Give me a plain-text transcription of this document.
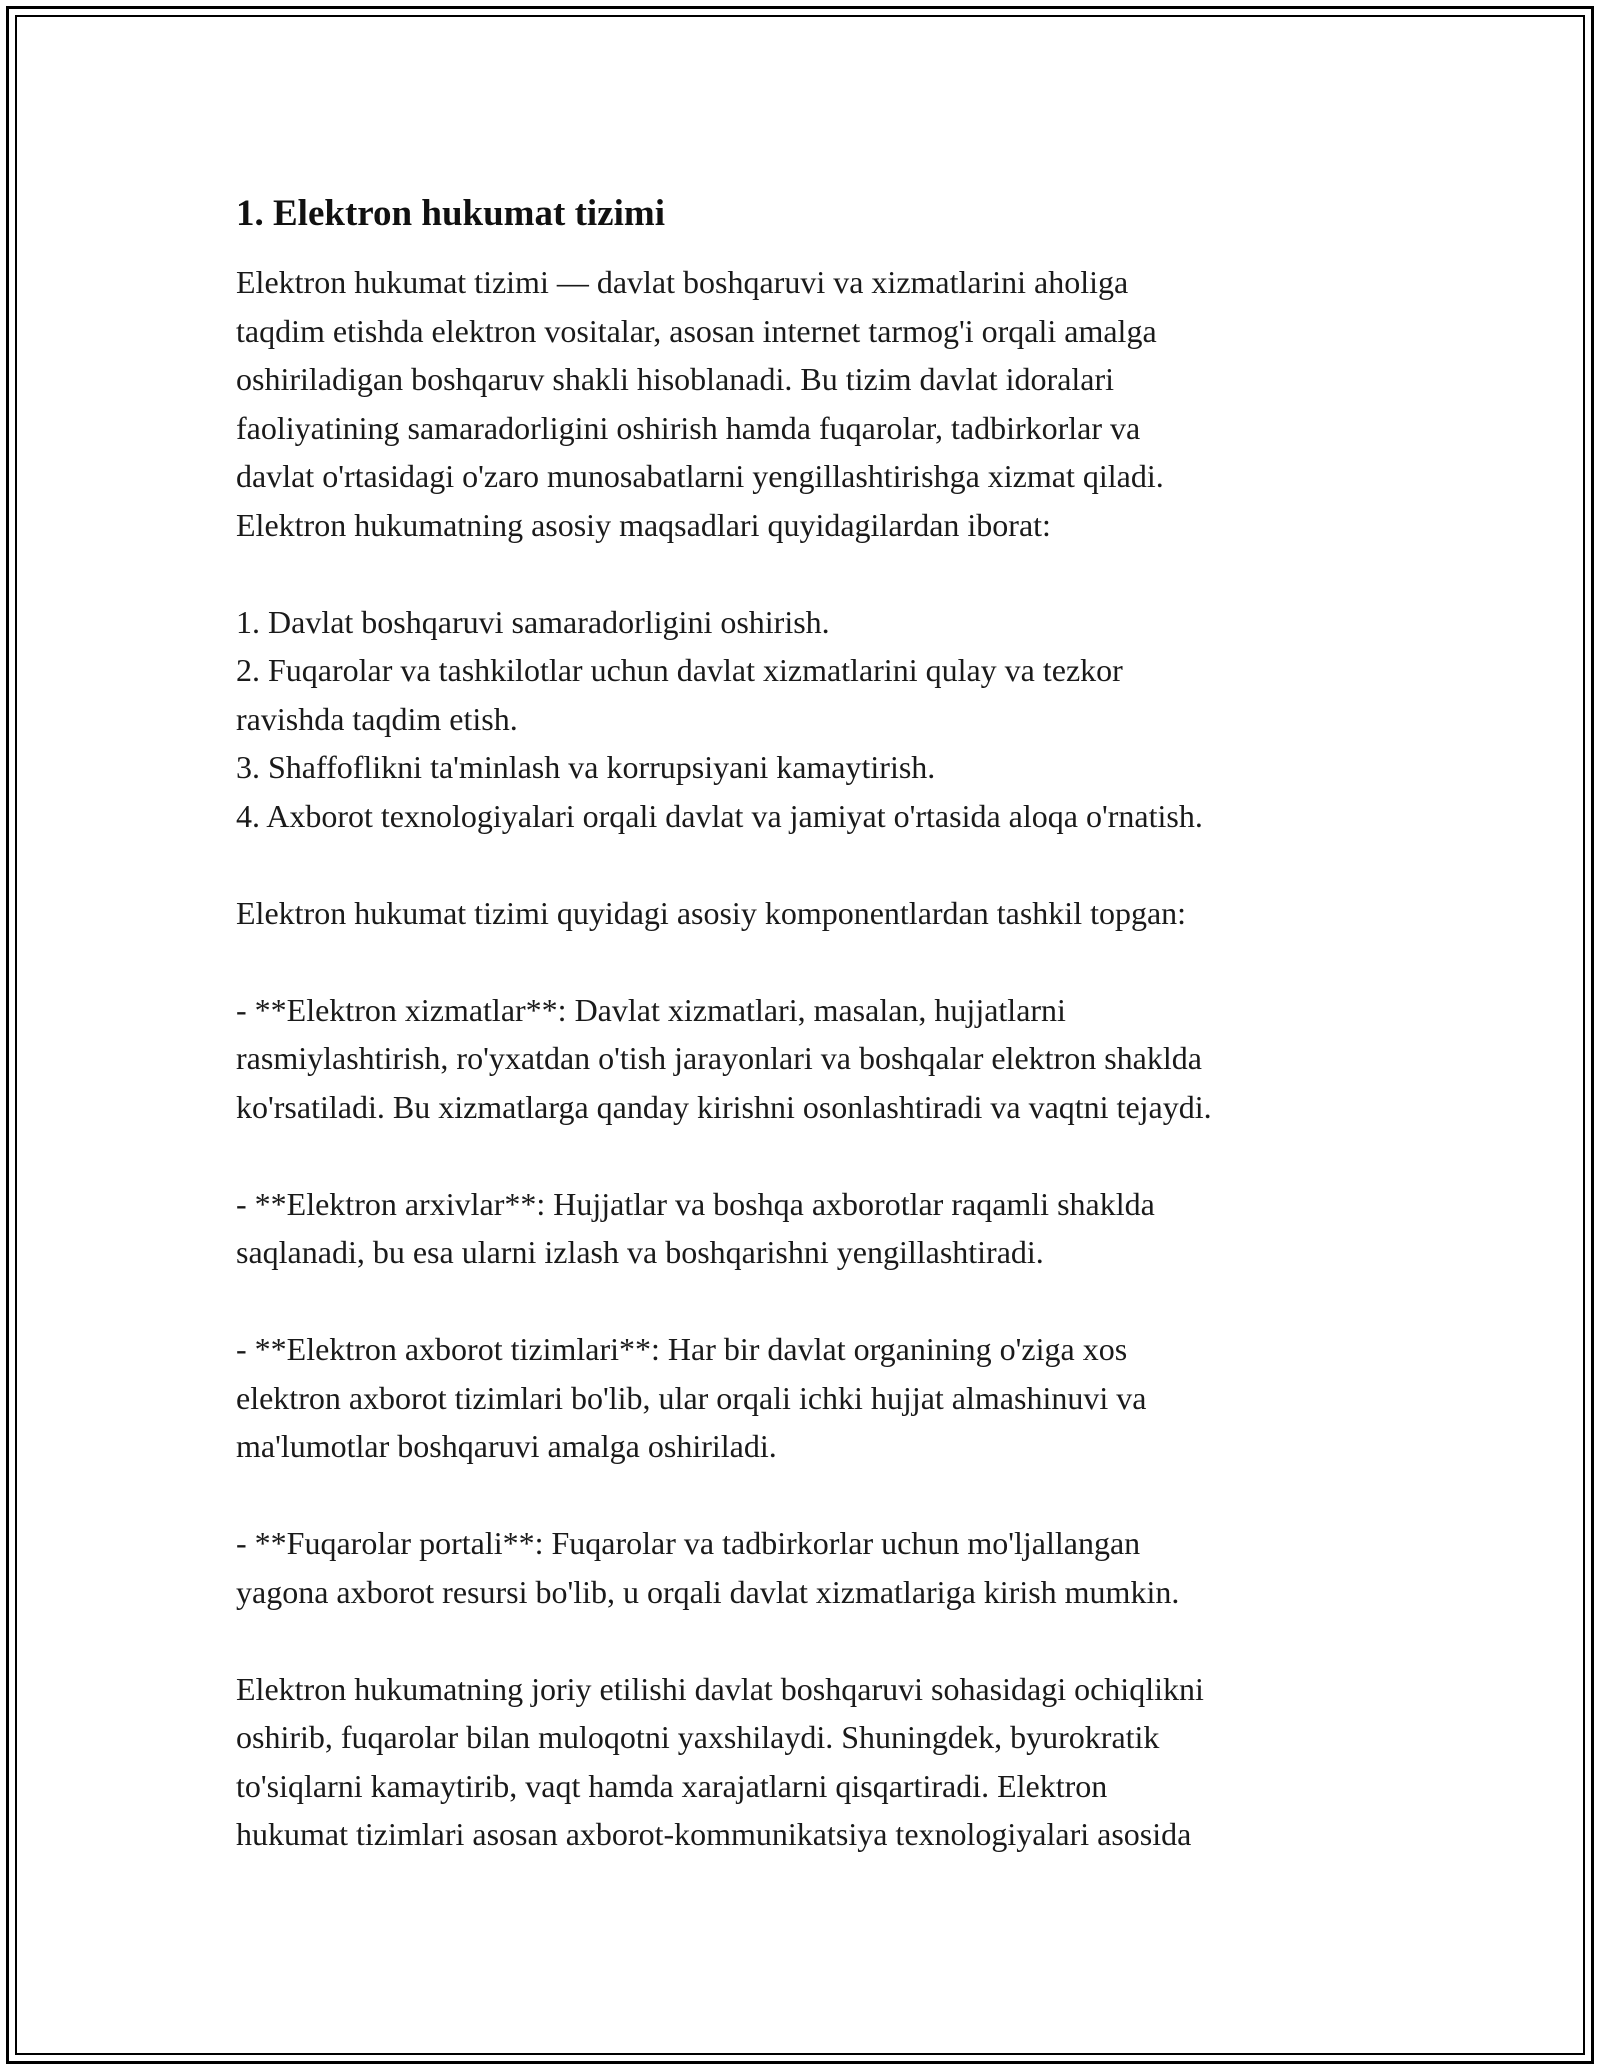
1. Elektron hukumat tizimi

Elektron hukumat tizimi — davlat boshqaruvi va xizmatlarini aholiga
taqdim etishda elektron vositalar, asosan internet tarmog'i orqali amalga
oshiriladigan boshqaruv shakli hisoblanadi. Bu tizim davlat idoralari
faoliyatining samaradorligini oshirish hamda fuqarolar, tadbirkorlar va
davlat o'rtasidagi o'zaro munosabatlarni yengillashtirishga xizmat qiladi.
Elektron hukumatning asosiy maqsadlari quyidagilardan iborat:

1. Davlat boshqaruvi samaradorligini oshirish.
2. Fuqarolar va tashkilotlar uchun davlat xizmatlarini qulay va tezkor
ravishda taqdim etish.
3. Shaffoflikni ta'minlash va korrupsiyani kamaytirish.
4. Axborot texnologiyalari orqali davlat va jamiyat o'rtasida aloqa o'rnatish.

Elektron hukumat tizimi quyidagi asosiy komponentlardan tashkil topgan:

- **Elektron xizmatlar**: Davlat xizmatlari, masalan, hujjatlarni
rasmiylashtirish, ro'yxatdan o'tish jarayonlari va boshqalar elektron shaklda
ko'rsatiladi. Bu xizmatlarga qanday kirishni osonlashtiradi va vaqtni tejaydi.

- **Elektron arxivlar**: Hujjatlar va boshqa axborotlar raqamli shaklda
saqlanadi, bu esa ularni izlash va boshqarishni yengillashtiradi.

- **Elektron axborot tizimlari**: Har bir davlat organining o'ziga xos
elektron axborot tizimlari bo'lib, ular orqali ichki hujjat almashinuvi va
ma'lumotlar boshqaruvi amalga oshiriladi.

- **Fuqarolar portali**: Fuqarolar va tadbirkorlar uchun mo'ljallangan
yagona axborot resursi bo'lib, u orqali davlat xizmatlariga kirish mumkin.

Elektron hukumatning joriy etilishi davlat boshqaruvi sohasidagi ochiqlikni
oshirib, fuqarolar bilan muloqotni yaxshilaydi. Shuningdek, byurokratik
to'siqlarni kamaytirib, vaqt hamda xarajatlarni qisqartiradi. Elektron
hukumat tizimlari asosan axborot-kommunikatsiya texnologiyalari asosida
